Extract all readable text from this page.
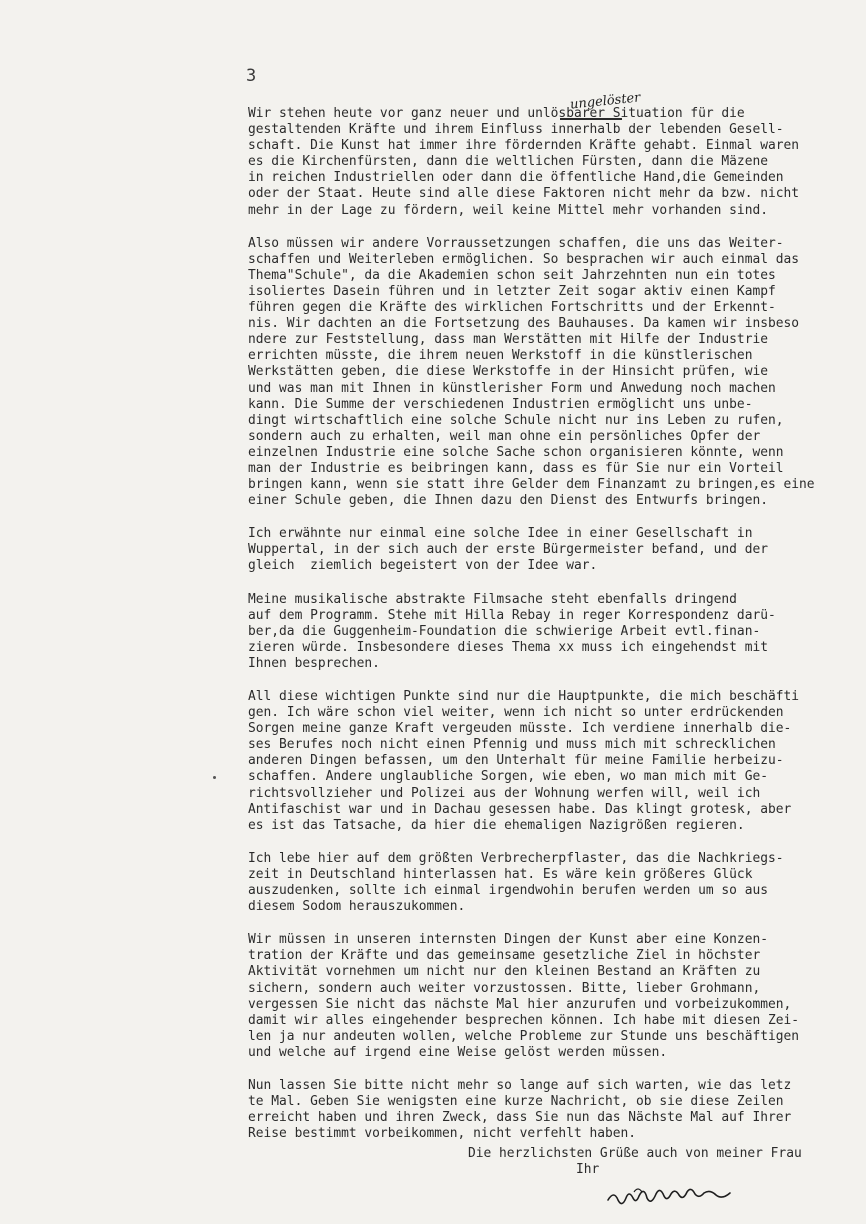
3
ungelöster
Wir stehen heute vor ganz neuer und unlösbarer Situation für die
gestaltenden Kräfte und ihrem Einfluss innerhalb der lebenden Gesell-
schaft. Die Kunst hat immer ihre fördernden Kräfte gehabt. Einmal waren
es die Kirchenfürsten, dann die weltlichen Fürsten, dann die Mäzene
in reichen Industriellen oder dann die öffentliche Hand,die Gemeinden
oder der Staat. Heute sind alle diese Faktoren nicht mehr da bzw. nicht
mehr in der Lage zu fördern, weil keine Mittel mehr vorhanden sind.
Also müssen wir andere Vorraussetzungen schaffen, die uns das Weiter-
schaffen und Weiterleben ermöglichen. So besprachen wir auch einmal das
Thema"Schule", da die Akademien schon seit Jahrzehnten nun ein totes
isoliertes Dasein führen und in letzter Zeit sogar aktiv einen Kampf
führen gegen die Kräfte des wirklichen Fortschritts und der Erkennt-
nis. Wir dachten an die Fortsetzung des Bauhauses. Da kamen wir insbeso
ndere zur Feststellung, dass man Werstätten mit Hilfe der Industrie
errichten müsste, die ihrem neuen Werkstoff in die künstlerischen
Werkstätten geben, die diese Werkstoffe in der Hinsicht prüfen, wie
und was man mit Ihnen in künstlerisher Form und Anwedung noch machen
kann. Die Summe der verschiedenen Industrien ermöglicht uns unbe-
dingt wirtschaftlich eine solche Schule nicht nur ins Leben zu rufen,
sondern auch zu erhalten, weil man ohne ein persönliches Opfer der
einzelnen Industrie eine solche Sache schon organisieren könnte, wenn
man der Industrie es beibringen kann, dass es für Sie nur ein Vorteil
bringen kann, wenn sie statt ihre Gelder dem Finanzamt zu bringen,es eine
einer Schule geben, die Ihnen dazu den Dienst des Entwurfs bringen.
Ich erwähnte nur einmal eine solche Idee in einer Gesellschaft in
Wuppertal, in der sich auch der erste Bürgermeister befand, und der
gleich  ziemlich begeistert von der Idee war.
Meine musikalische abstrakte Filmsache steht ebenfalls dringend
auf dem Programm. Stehe mit Hilla Rebay in reger Korrespondenz darü-
ber,da die Guggenheim-Foundation die schwierige Arbeit evtl.finan-
zieren würde. Insbesondere dieses Thema xx muss ich eingehendst mit
Ihnen besprechen.
All diese wichtigen Punkte sind nur die Hauptpunkte, die mich beschäfti
gen. Ich wäre schon viel weiter, wenn ich nicht so unter erdrückenden
Sorgen meine ganze Kraft vergeuden müsste. Ich verdiene innerhalb die-
ses Berufes noch nicht einen Pfennig und muss mich mit schrecklichen
anderen Dingen befassen, um den Unterhalt für meine Familie herbeizu-
schaffen. Andere unglaubliche Sorgen, wie eben, wo man mich mit Ge-
richtsvollzieher und Polizei aus der Wohnung werfen will, weil ich
Antifaschist war und in Dachau gesessen habe. Das klingt grotesk, aber
es ist das Tatsache, da hier die ehemaligen Nazigrößen regieren.
Ich lebe hier auf dem größten Verbrecherpflaster, das die Nachkriegs-
zeit in Deutschland hinterlassen hat. Es wäre kein größeres Glück
auszudenken, sollte ich einmal irgendwohin berufen werden um so aus
diesem Sodom herauszukommen.
Wir müssen in unseren internsten Dingen der Kunst aber eine Konzen-
tration der Kräfte und das gemeinsame gesetzliche Ziel in höchster
Aktivität vornehmen um nicht nur den kleinen Bestand an Kräften zu
sichern, sondern auch weiter vorzustossen. Bitte, lieber Grohmann,
vergessen Sie nicht das nächste Mal hier anzurufen und vorbeizukommen,
damit wir alles eingehender besprechen können. Ich habe mit diesen Zei-
len ja nur andeuten wollen, welche Probleme zur Stunde uns beschäftigen
und welche auf irgend eine Weise gelöst werden müssen.
Nun lassen Sie bitte nicht mehr so lange auf sich warten, wie das letz
te Mal. Geben Sie wenigsten eine kurze Nachricht, ob sie diese Zeilen
erreicht haben und ihren Zweck, dass Sie nun das Nächste Mal auf Ihrer
Reise bestimmt vorbeikommen, nicht verfehlt haben.
Die herzlichsten Grüße auch von meiner Frau
Ihr
